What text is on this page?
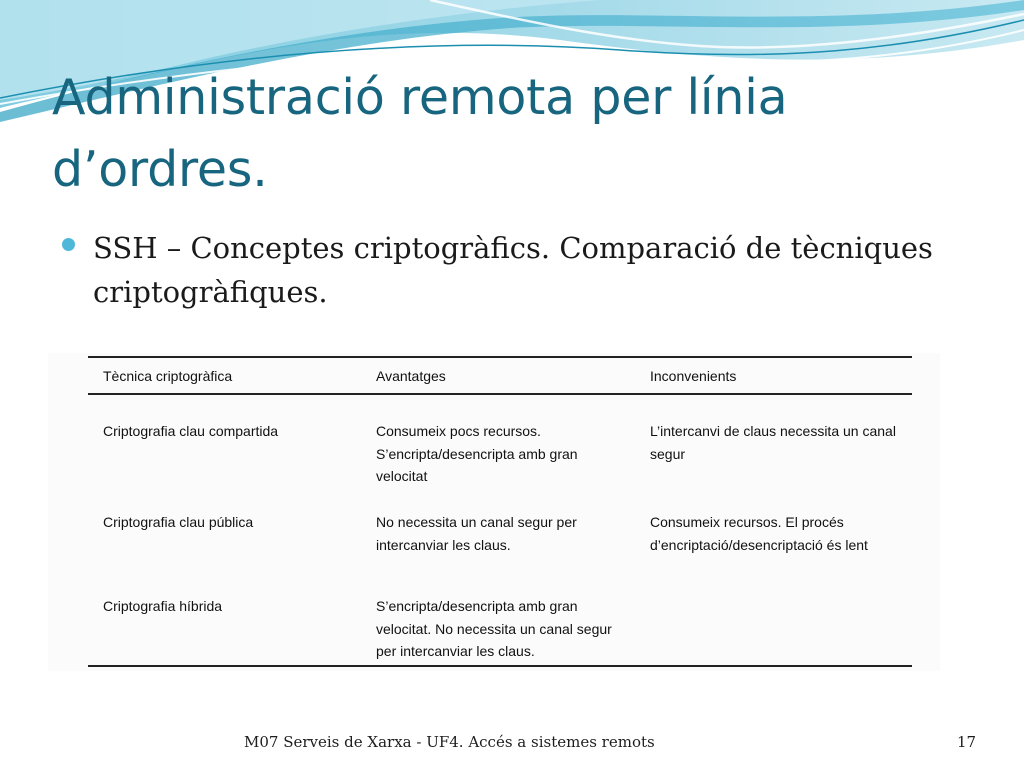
Administració remota per línia d’ordres.
SSH – Conceptes criptogràfics. Comparació de tècniques criptogràfiques.
Tècnica criptogràfica	Avantatges	Inconvenients
Criptografia clau compartida	Consumeix pocs recursos. S’encripta/desencripta amb gran velocitat	L’intercanvi de claus necessita un canal segur
Criptografia clau pública	No necessita un canal segur per intercanviar les claus.	Consumeix recursos. El procés d’encriptació/desencriptació és lent
Criptografia híbrida	S’encripta/desencripta amb gran velocitat. No necessita un canal segur per intercanviar les claus.	
M07 Serveis de Xarxa - UF4. Accés a sistemes remots	17
